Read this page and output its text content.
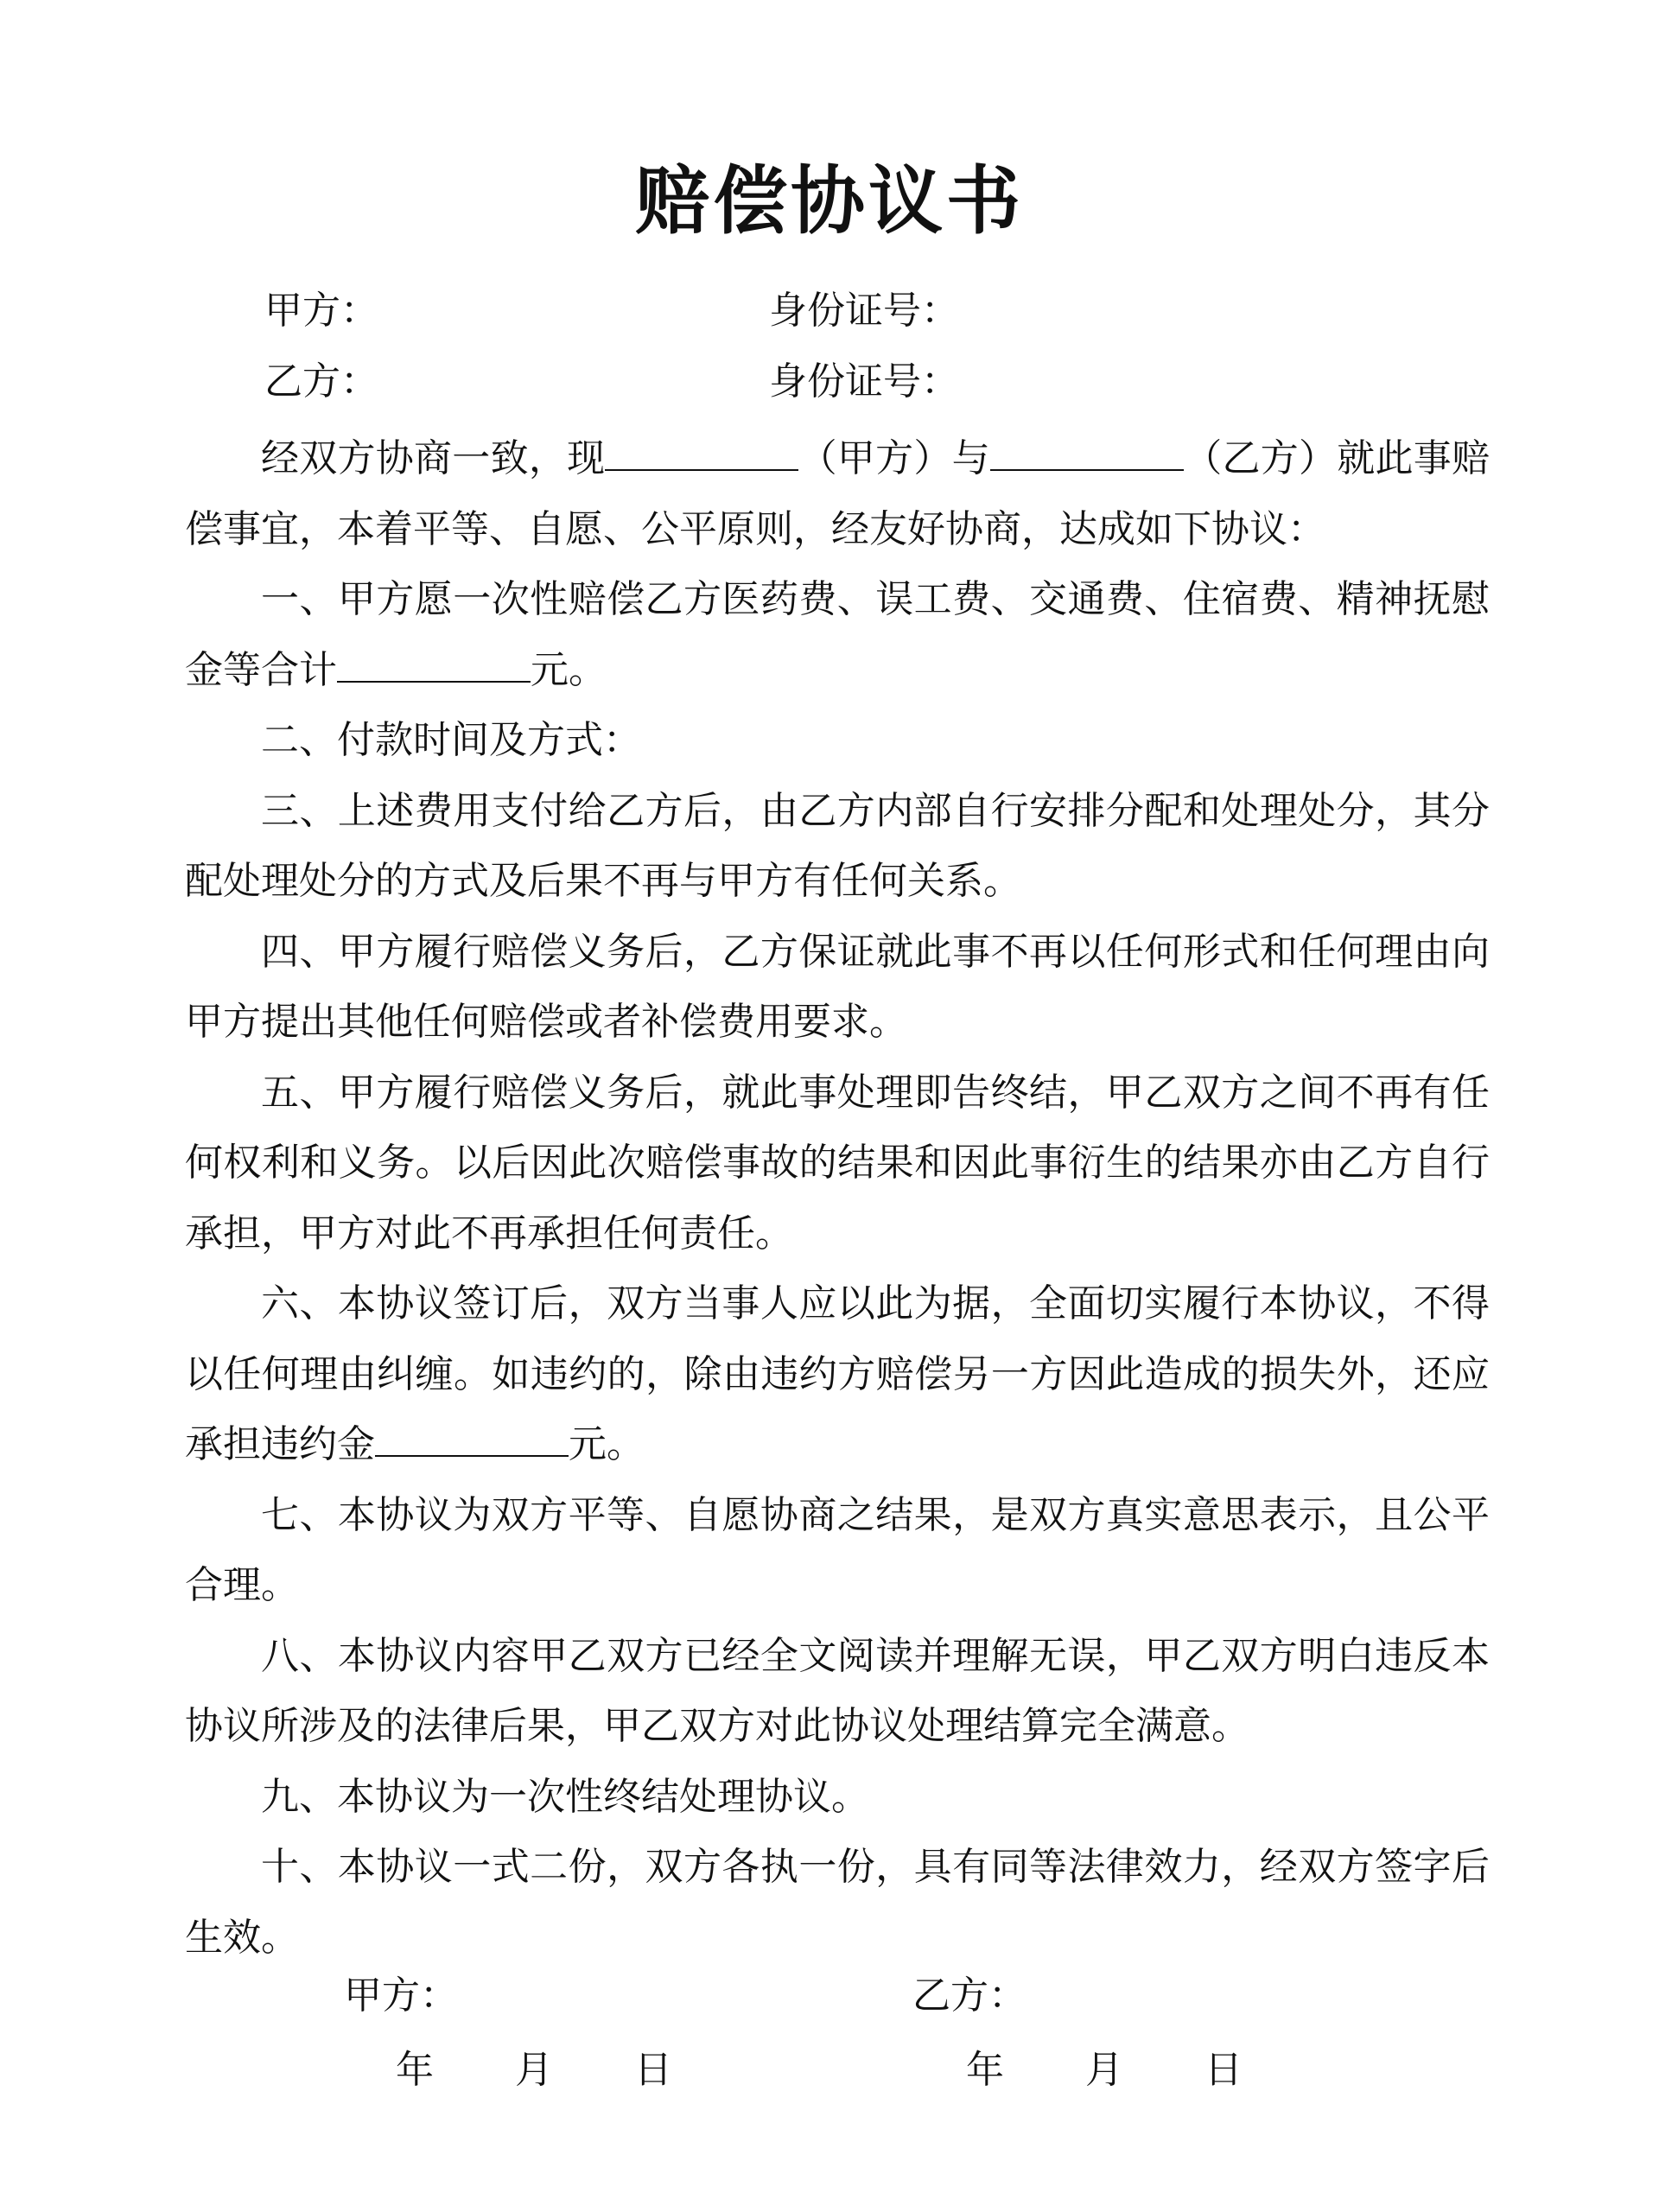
赔偿协议书
甲方：	身份证号：
乙方：	身份证号：

经双方协商一致，现	（甲方）与	（乙方）就此事赔偿事宜，本着平等、自愿、公平原则，经友好协商，达成如下协议：

一、甲方愿一次性赔偿乙方医药费、误工费、交通费、住宿费、精神抚慰金等合计	元。

二、付款时间及方式：

三、上述费用支付给乙方后，由乙方内部自行安排分配和处理处分，其分配处理处分的方式及后果不再与甲方有任何关系。

四、甲方履行赔偿义务后，乙方保证就此事不再以任何形式和任何理由向甲方提出其他任何赔偿或者补偿费用要求。

五、甲方履行赔偿义务后，就此事处理即告终结，甲乙双方之间不再有任何权利和义务。以后因此次赔偿事故的结果和因此事衍生的结果亦由乙方自行承担，甲方对此不再承担任何责任。

六、本协议签订后，双方当事人应以此为据，全面切实履行本协议，不得以任何理由纠缠。如违约的，除由违约方赔偿另一方因此造成的损失外，还应承担违约金	元。

七、本协议为双方平等、自愿协商之结果，是双方真实意思表示，且公平合理。

八、本协议内容甲乙双方已经全文阅读并理解无误，甲乙双方明白违反本协议所涉及的法律后果，甲乙双方对此协议处理结算完全满意。

九、本协议为一次性终结处理协议。

十、本协议一式二份，双方各执一份，具有同等法律效力，经双方签字后生效。

甲方：	乙方：
年 月 日	年 月 日
